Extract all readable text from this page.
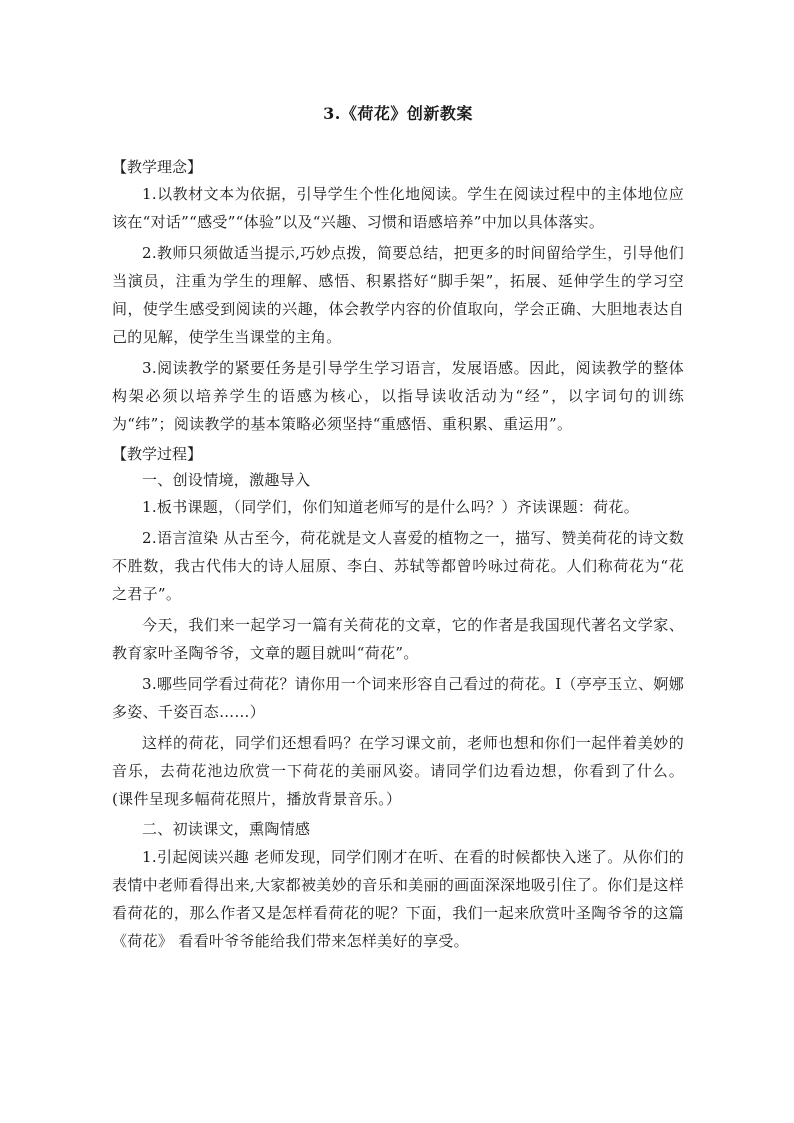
3.《荷花》创新教案
【教学理念】

1.以教材文本为依据，引导学生个性化地阅读。学生在阅读过程中的主体地位应该在“对话”“感受”“体验”以及“兴趣、习惯和语感培养”中加以具体落实。

2.教师只须做适当提示,巧妙点拨，简要总结，把更多的时间留给学生，引导他们当演员，注重为学生的理解、感悟、积累搭好“脚手架”，拓展、延伸学生的学习空间，使学生感受到阅读的兴趣，体会教学内容的价值取向，学会正确、大胆地表达自己的见解，使学生当课堂的主角。

3.阅读教学的紧要任务是引导学生学习语言，发展语感。因此，阅读教学的整体构架必须以培养学生的语感为核心，以指导读收活动为“经”，以字词句的训练为“纬”；阅读教学的基本策略必须坚持“重感悟、重积累、重运用”。

【教学过程】

一、创设情境，激趣导入

1.板书课题，（同学们，你们知道老师写的是什么吗？）齐读课题：荷花。

2.语言渲染 从古至今，荷花就是文人喜爱的植物之一，描写、赞美荷花的诗文数不胜数，我古代伟大的诗人屈原、李白、苏轼等都曾吟咏过荷花。人们称荷花为“花之君子”。

今天，我们来一起学习一篇有关荷花的文章，它的作者是我国现代著名文学家、教育家叶圣陶爷爷，文章的题目就叫“荷花”。

3.哪些同学看过荷花？请你用一个词来形容自己看过的荷花。I（亭亭玉立、婀娜多姿、千姿百态……）

这样的荷花，同学们还想看吗？在学习课文前，老师也想和你们一起伴着美妙的音乐，去荷花池边欣赏一下荷花的美丽风姿。请同学们边看边想，你看到了什么。(课件呈现多幅荷花照片，播放背景音乐。）

二、初读课文，熏陶情感

1.引起阅读兴趣 老师发现，同学们刚才在听、在看的时候都快入迷了。从你们的表情中老师看得出来,大家都被美妙的音乐和美丽的画面深深地吸引住了。你们是这样看荷花的，那么作者又是怎样看荷花的呢？下面，我们一起来欣赏叶圣陶爷爷的这篇《荷花》 看看叶爷爷能给我们带来怎样美好的享受。
